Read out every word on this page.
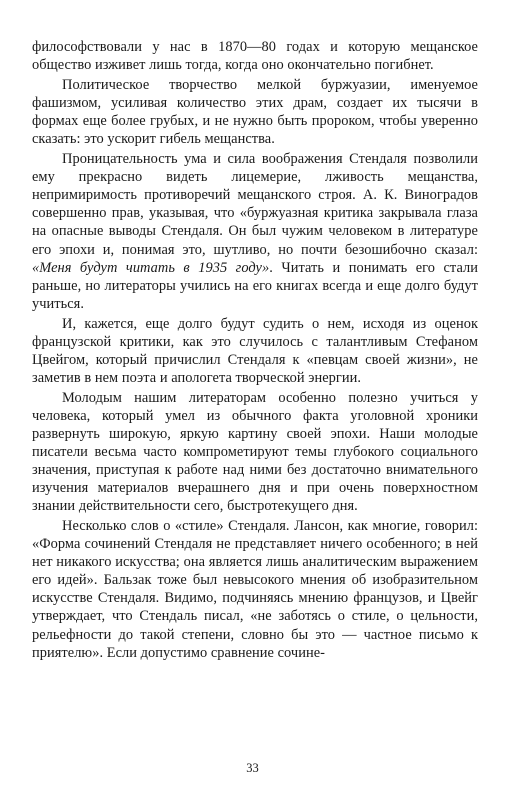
философствовали у нас в 1870—80 годах и которую мещанское общество изживет лишь тогда, когда оно окончательно погибнет.

Политическое творчество мелкой буржуазии, именуемое фашизмом, усиливая количество этих драм, создает их тысячи в формах еще более грубых, и не нужно быть пророком, чтобы уверенно сказать: это ускорит гибель мещанства.

Проницательность ума и сила воображения Стендаля позволили ему прекрасно видеть лицемерие, лживость мещанства, непримиримость противоречий мещанского строя. А. К. Виноградов совершенно прав, указывая, что «буржуазная критика закрывала глаза на опасные выводы Стендаля. Он был чужим человеком в литературе его эпохи и, понимая это, шутливо, но почти безошибочно сказал: «Меня будут читать в 1935 году». Читать и понимать его стали раньше, но литераторы учились на его книгах всегда и еще долго будут учиться.

И, кажется, еще долго будут судить о нем, исходя из оценок французской критики, как это случилось с талантливым Стефаном Цвейгом, который причислил Стендаля к «певцам своей жизни», не заметив в нем поэта и апологета творческой энергии.

Молодым нашим литераторам особенно полезно учиться у человека, который умел из обычного факта уголовной хроники развернуть широкую, яркую картину своей эпохи. Наши молодые писатели весьма часто компрометируют темы глубокого социального значения, приступая к работе над ними без достаточно внимательного изучения материалов вчерашнего дня и при очень поверхностном знании действительности сего, быстротекущего дня.

Несколько слов о «стиле» Стендаля. Лансон, как многие, говорил: «Форма сочинений Стендаля не представляет ничего особенного; в ней нет никакого искусства; она является лишь аналитическим выражением его идей». Бальзак тоже был невысокого мнения об изобразительном искусстве Стендаля. Видимо, подчиняясь мнению французов, и Цвейг утверждает, что Стендаль писал, «не заботясь о стиле, о цельности, рельефности до такой степени, словно бы это — частное письмо к приятелю». Если допустимо сравнение сочине-

33
